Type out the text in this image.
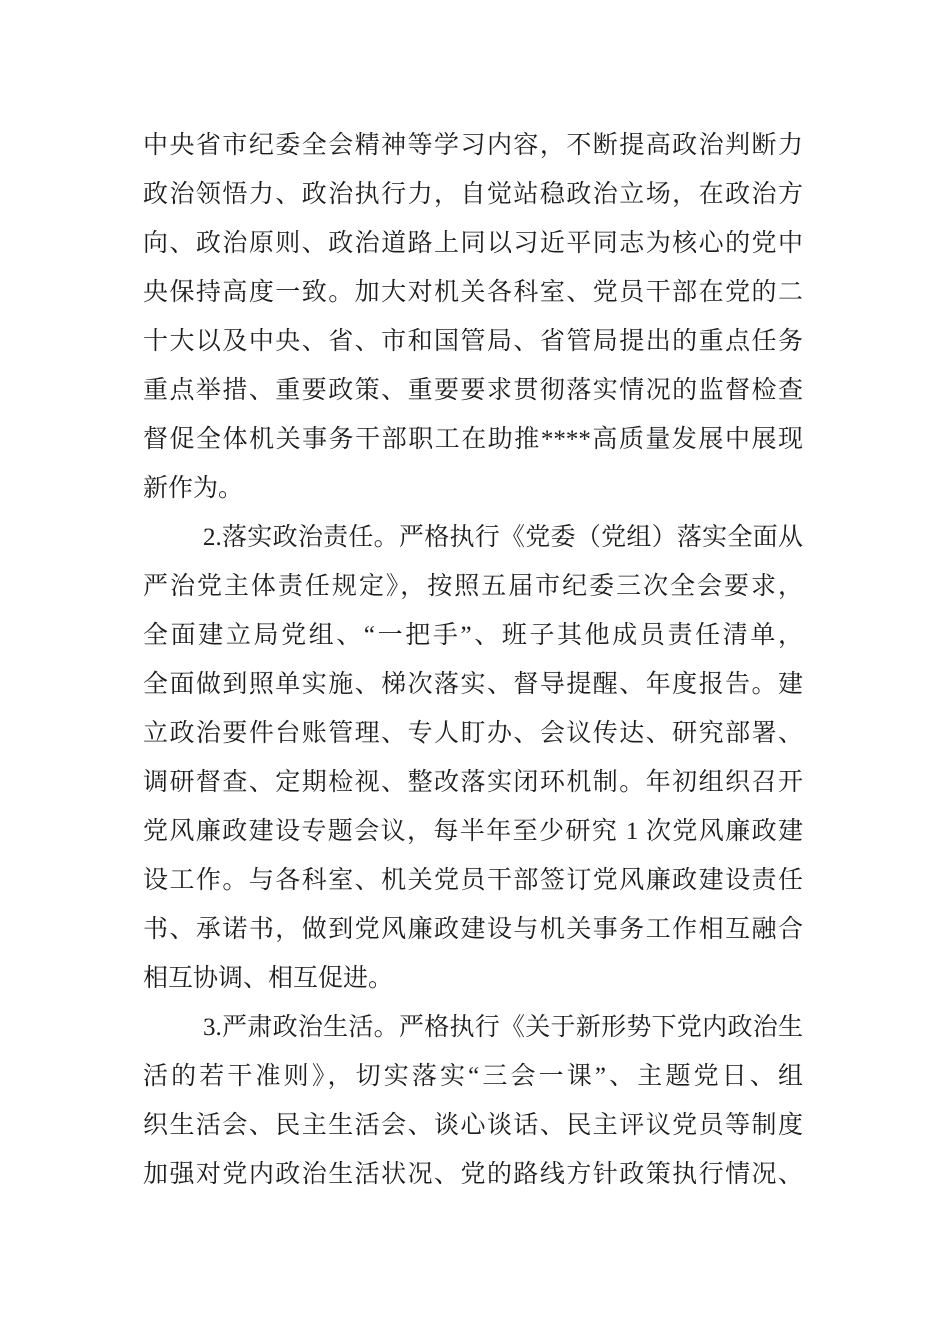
中央省市纪委全会精神等学习内容，不断提高政治判断力
政治领悟力、政治执行力，自觉站稳政治立场，在政治方
向、政治原则、政治道路上同以习近平同志为核心的党中
央保持高度一致。加大对机关各科室、党员干部在党的二
十大以及中央、省、市和国管局、省管局提出的重点任务
重点举措、重要政策、重要要求贯彻落实情况的监督检查
督促全体机关事务干部职工在助推****高质量发展中展现
新作为。
2.落实政治责任。严格执行《党委（党组）落实全面从
严治党主体责任规定》，按照五届市纪委三次全会要求，
全面建立局党组、“一把手”、班子其他成员责任清单，
全面做到照单实施、梯次落实、督导提醒、年度报告。建
立政治要件台账管理、专人盯办、会议传达、研究部署、
调研督查、定期检视、整改落实闭环机制。年初组织召开
党风廉政建设专题会议，每半年至少研究 1 次党风廉政建
设工作。与各科室、机关党员干部签订党风廉政建设责任
书、承诺书，做到党风廉政建设与机关事务工作相互融合
相互协调、相互促进。
3.严肃政治生活。严格执行《关于新形势下党内政治生
活的若干准则》，切实落实“三会一课”、主题党日、组
织生活会、民主生活会、谈心谈话、民主评议党员等制度
加强对党内政治生活状况、党的路线方针政策执行情况、
